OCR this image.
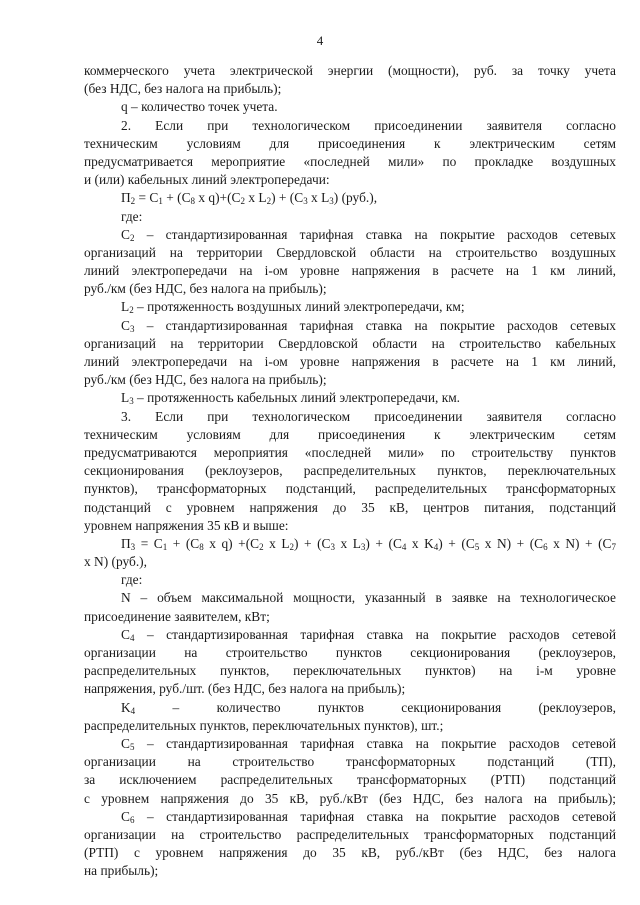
4
коммерческого учета электрической энергии (мощности), руб. за точку учета
(без НДС, без налога на прибыль);
q – количество точек учета.
2. Если при технологическом присоединении заявителя согласно
техническим условиям для присоединения к электрическим сетям
предусматривается мероприятие «последней мили» по прокладке воздушных
и (или) кабельных линий электропередачи:
$П_2 = C_1 + (C_8$ x $q)+(C_2$ x $L_2) + (C_3$ x $L_3$) (руб.),
где:
$C_2$ – стандартизированная тарифная ставка на покрытие расходов сетевых
организаций на территории Свердловской области на строительство воздушных
линий электропередачи на i-ом уровне напряжения в расчете на 1 км линий,
руб./км (без НДС, без налога на прибыль);
$L_2$ – протяженность воздушных линий электропередачи, км;
$C_3$ – стандартизированная тарифная ставка на покрытие расходов сетевых
организаций на территории Свердловской области на строительство кабельных
линий электропередачи на i-ом уровне напряжения в расчете на 1 км линий,
руб./км (без НДС, без налога на прибыль);
$L_3$ – протяженность кабельных линий электропередачи, км.
3. Если при технологическом присоединении заявителя согласно
техническим условиям для присоединения к электрическим сетям
предусматриваются мероприятия «последней мили» по строительству пунктов
секционирования (реклоузеров, распределительных пунктов, переключательных
пунктов), трансформаторных подстанций, распределительных трансформаторных
подстанций с уровнем напряжения до 35 кВ, центров питания, подстанций
уровнем напряжения 35 кВ и выше:
$П_3 = C_1 + (C_8$ x $q) +(C_2$ x $L_2) + (C_3$ x $L_3) + (C_4$ x $K_4) + (C_5$ x $N) + (C_6$ x $N) + (C_7$
x N) (руб.),
где:
N – объем максимальной мощности, указанный в заявке на технологическое
присоединение заявителем, кВт;
$C_4$ – стандартизированная тарифная ставка на покрытие расходов сетевой
организации на строительство пунктов секционирования (реклоузеров,
распределительных пунктов, переключательных пунктов) на i-м уровне
напряжения, руб./шт. (без НДС, без налога на прибыль);
$K_4$ – количество пунктов секционирования (реклоузеров,
распределительных пунктов, переключательных пунктов), шт.;
$C_5$ – стандартизированная тарифная ставка на покрытие расходов сетевой
организации на строительство трансформаторных подстанций (ТП),
за исключением распределительных трансформаторных (РТП) подстанций
с уровнем напряжения до 35 кВ, руб./кВт (без НДС, без налога на прибыль);
$C_6$ – стандартизированная тарифная ставка на покрытие расходов сетевой
организации на строительство распределительных трансформаторных подстанций
(РТП) с уровнем напряжения до 35 кВ, руб./кВт (без НДС, без налога
на прибыль);
